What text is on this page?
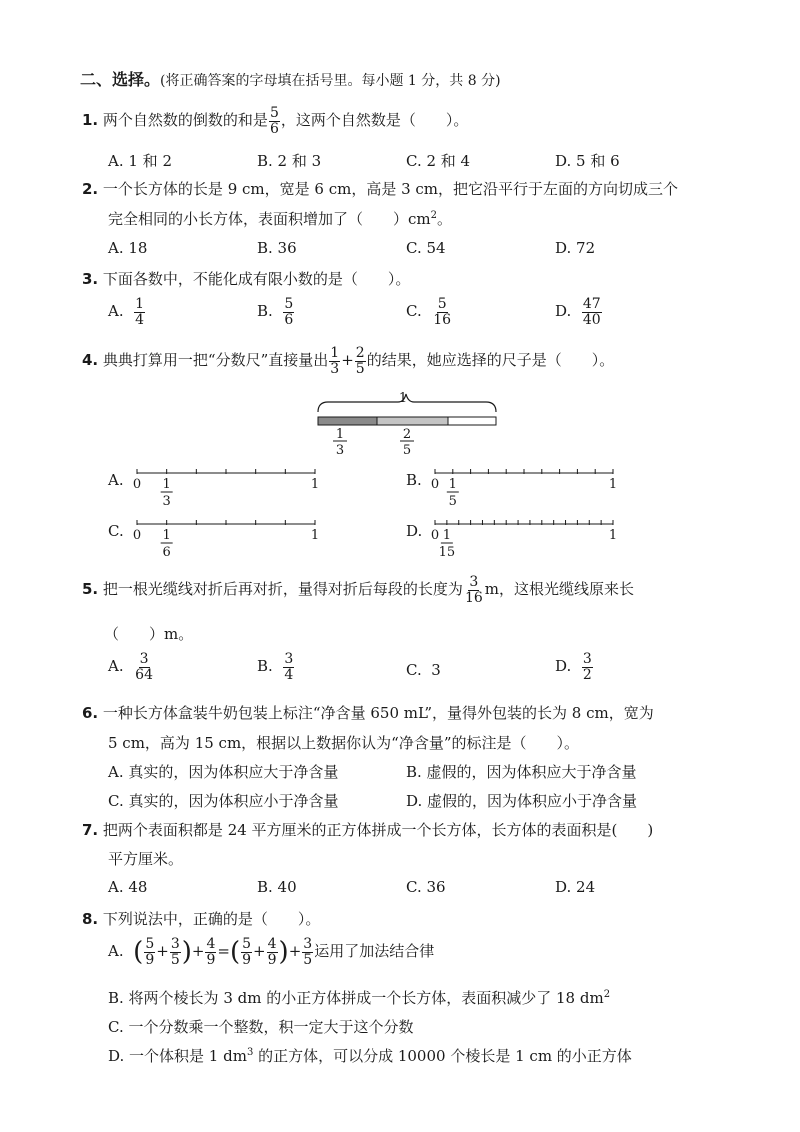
二、选择。(将正确答案的字母填在括号里。每小题 1 分，共 8 分)
1. 两个自然数的倒数的和是 $\frac{5}{6}$ ，这两个自然数是（　　）。
A. 1 和 2	B. 2 和 3	C. 2 和 4	D. 5 和 6
2. 一个长方体的长是 9 cm，宽是 6 cm，高是 3 cm，把它沿平行于左面的方向切成三个
完全相同的小长方体，表面积增加了（　　）$cm^2$。
A. 18	B. 36	C. 54	D. 72
3. 下面各数中，不能化成有限小数的是（　　）。
A. $\frac{1}{4}$	B. $\frac{5}{6}$	C. $\frac{5}{16}$	D. $\frac{47}{40}$
4. 典典打算用一把“分数尺”直接量出 $\frac{1}{3} + \frac{2}{5}$ 的结果，她应选择的尺子是（　　）。
1
1
3
2
5
A. 0	1
1
3
B. 0	1
1
5
C. 0	1
1
6
D. 0	1
1
15
5. 把一根光缆线对折后再对折，量得对折后每段的长度为 $\frac{3}{16}$ m，这根光缆线原来长
（　　）m。
A. $\frac{3}{64}$	B. $\frac{3}{4}$	C. 3	D. $\frac{3}{2}$
6. 一种长方体盒装牛奶包装上标注“净含量 650 mL”，量得外包装的长为 8 cm，宽为
5 cm，高为 15 cm，根据以上数据你认为“净含量”的标注是（　　）。
A. 真实的，因为体积应大于净含量	B. 虚假的，因为体积应大于净含量
C. 真实的，因为体积应小于净含量	D. 虚假的，因为体积应小于净含量
7. 把两个表面积都是 24 平方厘米的正方体拼成一个长方体，长方体的表面积是(　　)
平方厘米。
A. 48	B. 40	C. 36	D. 24
8. 下列说法中，正确的是（　　）。
A. ( $\frac{5}{9} + \frac{3}{5}$ )+ $\frac{4}{9}$ =( $\frac{5}{9} + \frac{4}{9}$ )+ $\frac{3}{5}$ 运用了加法结合律
B. 将两个棱长为 3 dm 的小正方体拼成一个长方体，表面积减少了 18 $dm^2$
C. 一个分数乘一个整数，积一定大于这个分数
D. 一个体积是 1 $dm^3$ 的正方体，可以分成 10000 个棱长是 1 cm 的小正方体
